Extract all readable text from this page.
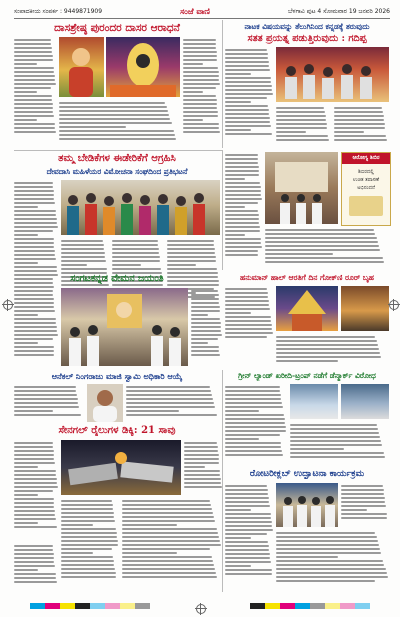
ಸಂಪಾದಕೀಯ ಸಂಪರ್ಕ : 9449871909	ಸಂಜೆ ವಾಣಿ	ಬೆಳಗಾವಿ ಪುಟ 4 ಸೋಮವಾರ 19 ಜನವರಿ 2026
ದಾಸಶ್ರೇಷ್ಠ ಪುರಂದರ ದಾಸರ ಆರಾಧನೆ	ನಾಟಕ ವಿಷಯವನ್ನು ತೆಲುಗಿನಿಂದ ಕನ್ನಡಕ್ಕೆ ತರುವುದು
ಸತತ ಪ್ರಯತ್ನ ಪಡುತ್ತಿರುವುದು : ಗದಿಪ್ಪ
ತಮ್ಮ ಬೇಡಿಕೆಗಳ ಈಡೇರಿಕೆಗೆ ಆಗ್ರಹಿಸಿ
ದೇವದಾಸಿ ಮಹಿಳೆಯರ ವಿಮೋಚನಾ ಸಂಘದಿಂದ ಪ್ರತಿಭಟನೆ
ಆರೋಗ್ಯ ಶಿಬಿರ
ಶಿಬಿರದಲ್ಲಿ
ಉಚಿತ ತಪಾಸಣೆ
ಅಭಿನಂದನೆ
ಸಂಗಟಕನ್ನಡ ವೇಮನ ಜಯಂತಿ	ಹನುಮಾನ್ ಹಾಲ್ ಆರತಿಗೆ ದಿನ ಗೋಕ್‌ಣಿ ರೂರ್‌ ಬೃಹ
ಆನೆಕಲ್ ನಿಂಗರಾಜು ಮಾಜಿ ಸ್ವಾಮಿ ಅಧಿಕಾರಿ ಆಯ್ಕೆ
ಸೇನಗಲ್ ರೈಲುಗಳ ಡಿಕ್ಕಿ: 21 ಸಾವು
ಗ್ರೀನ್ ಲ್ಯಾಂಡ್ ಖರೀದಿ-ಟ್ರಂಪ್ ನಡೆಗೆ ಡೆನ್ಮಾರ್ಕ್ ವಿರೋಧ
ರೋಟರೀಕ್ಲಬ್ ಉದ್ಘಾಟನಾ ಕಾರ್ಯಕ್ರಮ
